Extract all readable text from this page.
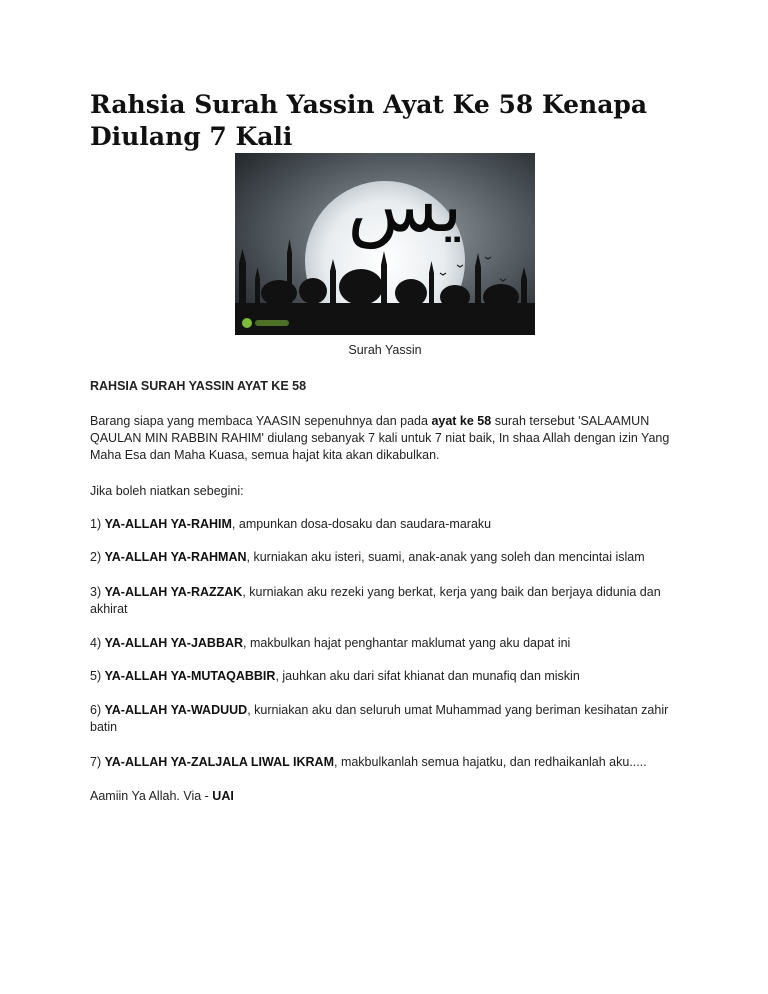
Rahsia Surah Yassin Ayat Ke 58 Kenapa Diulang 7 Kali
يس
Surah Yassin
RAHSIA SURAH YASSIN AYAT KE 58
Barang siapa yang membaca YAASIN sepenuhnya dan pada ayat ke 58 surah tersebut 'SALAAMUN QAULAN MIN RABBIN RAHIM' diulang sebanyak 7 kali untuk 7 niat baik, In shaa Allah dengan izin Yang Maha Esa dan Maha Kuasa, semua hajat kita akan dikabulkan.
Jika boleh niatkan sebegini:
1) YA-ALLAH YA-RAHIM, ampunkan dosa-dosaku dan saudara-maraku
2) YA-ALLAH YA-RAHMAN, kurniakan aku isteri, suami, anak-anak yang soleh dan mencintai islam
3) YA-ALLAH YA-RAZZAK, kurniakan aku rezeki yang berkat, kerja yang baik dan berjaya didunia dan akhirat
4) YA-ALLAH YA-JABBAR, makbulkan hajat penghantar maklumat yang aku dapat ini
5) YA-ALLAH YA-MUTAQABBIR, jauhkan aku dari sifat khianat dan munafiq dan miskin
6) YA-ALLAH YA-WADUUD, kurniakan aku dan seluruh umat Muhammad yang beriman kesihatan zahir batin
7) YA-ALLAH YA-ZALJALA LIWAL IKRAM, makbulkanlah semua hajatku, dan redhaikanlah aku.....
Aamiin Ya Allah. Via - UAI
